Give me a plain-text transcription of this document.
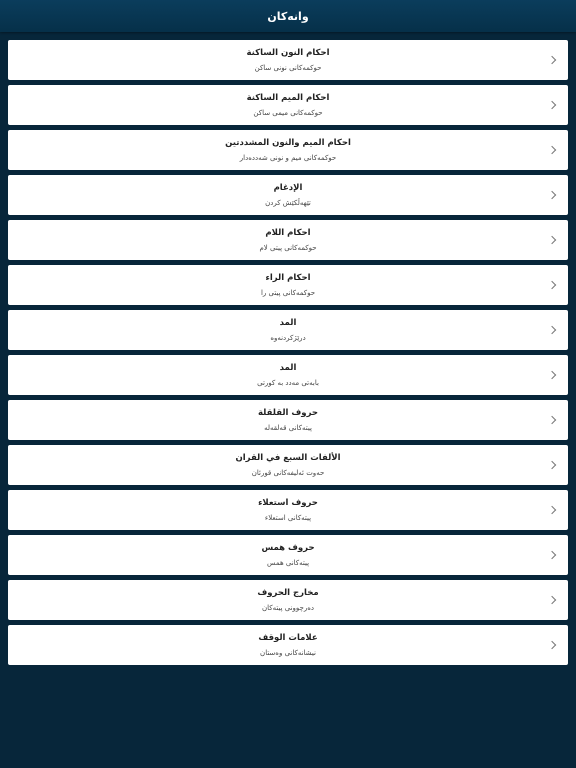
وانەکان
احكام النون الساكنة
حوکمەکانی نونی ساکن
احكام الميم الساكنة
حوکمەکانی میمی ساکن
احكام الميم والنون المشددتين
حوکمەکانی میم و نونی شەددەدار
الإدغام
تێهەڵکێش کردن
احكام اللام
حوکمەکانی پیتی لام
احكام الراء
حوکمەکانی پیتی را
المد
درێژکردنەوە
المد
بابەتی مەدد بە کورتی
حروف القلقلة
پیتەکانی قەلقەلە
الألفات السبع في القران
حەوت ئەلیفەکانی قورئان
حروف استعلاء
پیتەکانی استعلاء
حروف همس
پیتەکانی همس
مخارج الحروف
دەرچوونی پیتەکان
علامات الوقف
نیشانەکانی وەستان
